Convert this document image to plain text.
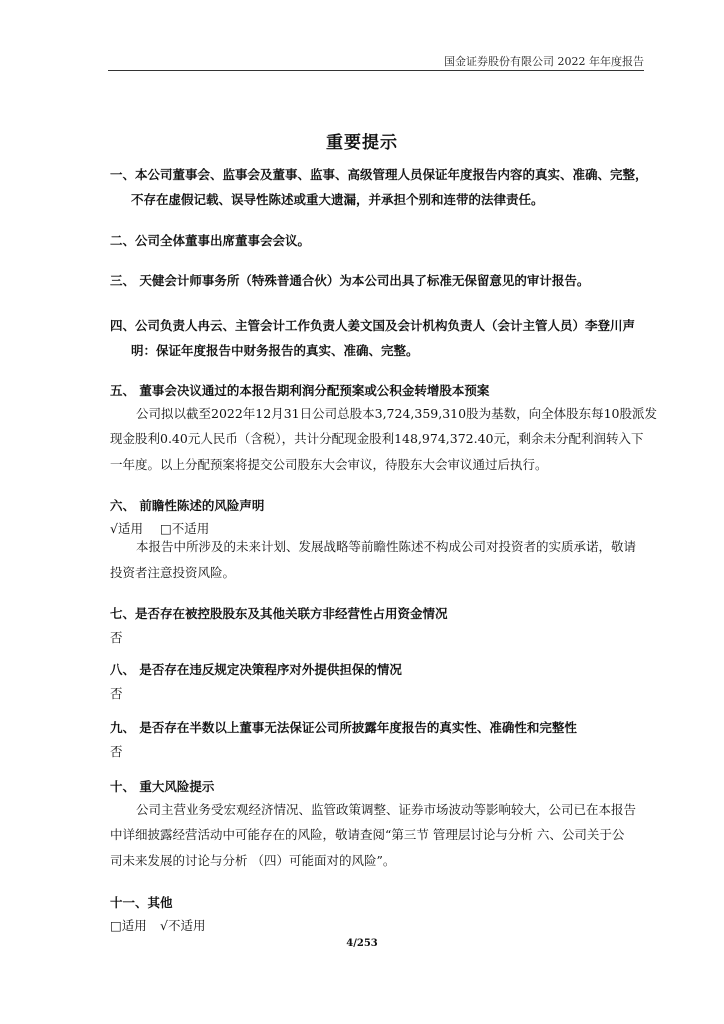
国金证券股份有限公司 2022 年年度报告
重要提示
一、本公司董事会、监事会及董事、监事、高级管理人员保证年度报告内容的真实、准确、完整，
不存在虚假记载、误导性陈述或重大遗漏，并承担个别和连带的法律责任。
二、公司全体董事出席董事会会议。
三、 天健会计师事务所（特殊普通合伙）为本公司出具了标准无保留意见的审计报告。
四、公司负责人冉云、主管会计工作负责人姜文国及会计机构负责人（会计主管人员）李登川声
明：保证年度报告中财务报告的真实、准确、完整。
五、 董事会决议通过的本报告期利润分配预案或公积金转增股本预案
公司拟以截至2022年12月31日公司总股本3,724,359,310股为基数，向全体股东每10股派发
现金股利0.40元人民币（含税），共计分配现金股利148,974,372.40元，剩余未分配利润转入下
一年度。以上分配预案将提交公司股东大会审议，待股东大会审议通过后执行。
六、 前瞻性陈述的风险声明
√适用 □不适用
本报告中所涉及的未来计划、发展战略等前瞻性陈述不构成公司对投资者的实质承诺，敬请
投资者注意投资风险。
七、是否存在被控股股东及其他关联方非经营性占用资金情况
否
八、 是否存在违反规定决策程序对外提供担保的情况
否
九、 是否存在半数以上董事无法保证公司所披露年度报告的真实性、准确性和完整性
否
十、 重大风险提示
公司主营业务受宏观经济情况、监管政策调整、证券市场波动等影响较大，公司已在本报告
中详细披露经营活动中可能存在的风险，敬请查阅“第三节 管理层讨论与分析 六、公司关于公
司未来发展的讨论与分析 （四）可能面对的风险”。
十一、其他
□适用 √不适用
4/253
